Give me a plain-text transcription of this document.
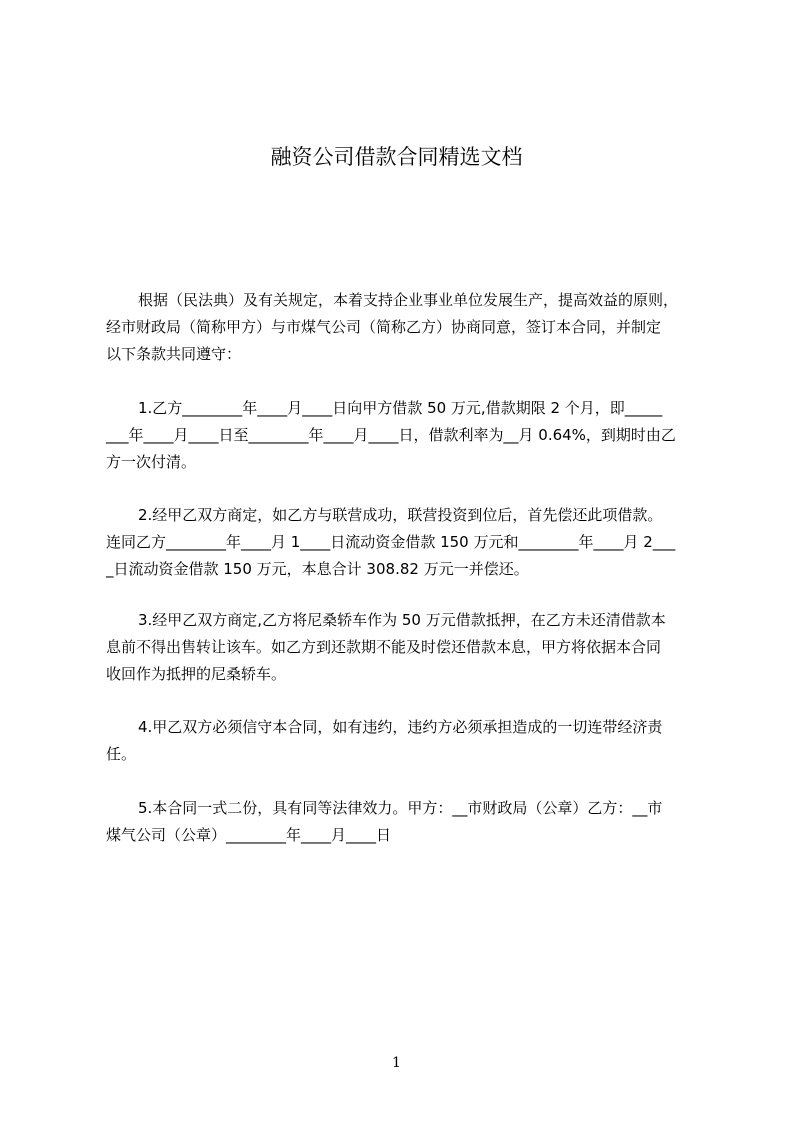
融资公司借款合同精选文档

根据（民法典）及有关规定，本着支持企业事业单位发展生产，提高效益的原则，
经市财政局（简称甲方）与市煤气公司（简称乙方）协商同意，签订本合同，并制定
以下条款共同遵守：

1.乙方________年____月____日向甲方借款 50 万元,借款期限 2 个月，即_____
___年____月____日至________年____月____日，借款利率为__月 0.64%，到期时由乙
方一次付清。

2.经甲乙双方商定，如乙方与联营成功，联营投资到位后，首先偿还此项借款。
连同乙方________年____月 1____日流动资金借款 150 万元和________年____月 2___
_日流动资金借款 150 万元，本息合计 308.82 万元一并偿还。

3.经甲乙双方商定,乙方将尼桑轿车作为 50 万元借款抵押，在乙方未还清借款本
息前不得出售转让该车。如乙方到还款期不能及时偿还借款本息，甲方将依据本合同
收回作为抵押的尼桑轿车。

4.甲乙双方必须信守本合同，如有违约，违约方必须承担造成的一切连带经济责
任。

5.本合同一式二份，具有同等法律效力。甲方：__市财政局（公章）乙方：__市
煤气公司（公章）________年____月____日

1
